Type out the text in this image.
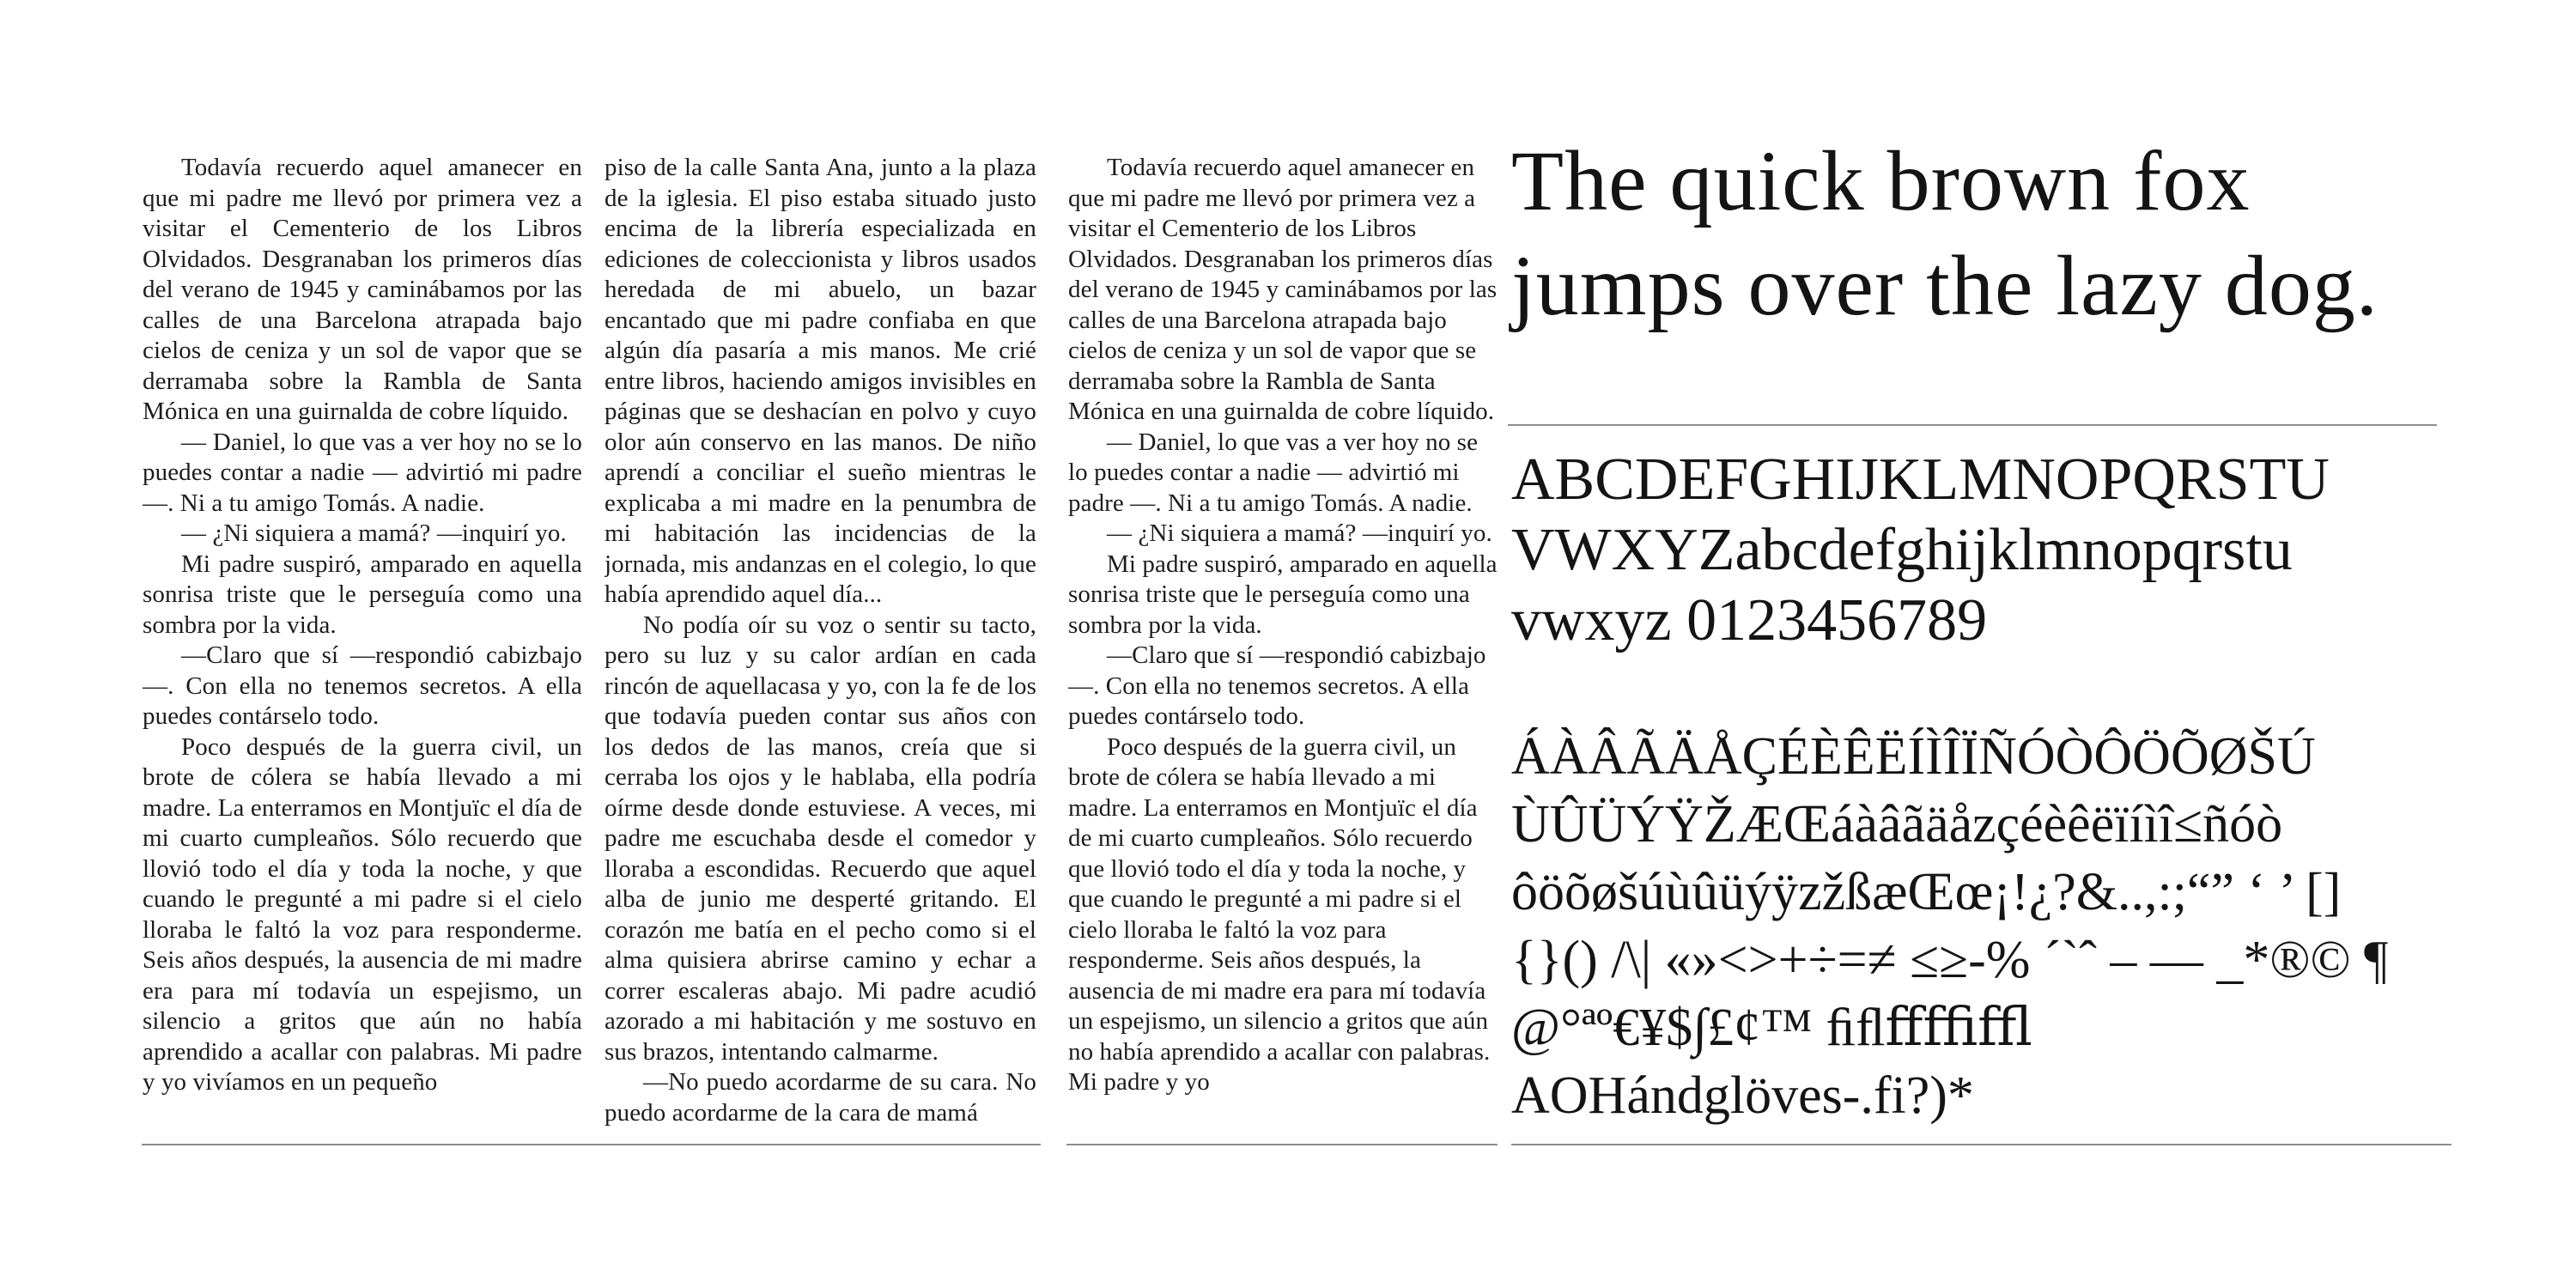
Todavía recuerdo aquel amanecer en que mi padre me llevó por primera vez a visitar el Cementerio de los Libros Olvidados. Desgranaban los primeros días del verano de 1945 y caminábamos por las calles de una Barcelona atrapada bajo cielos de ceniza y un sol de vapor que se derramaba sobre la Rambla de Santa Mónica en una guirnalda de cobre líquido.

— Daniel, lo que vas a ver hoy no se lo puedes contar a nadie — advirtió mi padre —. Ni a tu amigo Tomás. A nadie.

— ¿Ni siquiera a mamá? —inquirí yo.

Mi padre suspiró, amparado en aquella sonrisa triste que le perseguía como una sombra por la vida.

—Claro que sí —respondió cabizbajo—. Con ella no tenemos secretos. A ella puedes contárselo todo.

Poco después de la guerra civil, un brote de cólera se había llevado a mi madre. La enterramos en Montjuïc el día de mi cuarto cumpleaños. Sólo recuerdo que llovió todo el día y toda la noche, y que cuando le pregunté a mi padre si el cielo lloraba le faltó la voz para responderme. Seis años después, la ausencia de mi madre era para mí todavía un espejismo, un silencio a gritos que aún no había aprendido a acallar con palabras. Mi padre y yo vivíamos en un pequeño

piso de la calle Santa Ana, junto a la plaza de la iglesia. El piso estaba situado justo encima de la librería especializada en ediciones de coleccionista y libros usados heredada de mi abuelo, un bazar encantado que mi padre confiaba en que algún día pasaría a mis manos. Me crié entre libros, haciendo amigos invisibles en páginas que se deshacían en polvo y cuyo olor aún conservo en las manos. De niño aprendí a conciliar el sueño mientras le explicaba a mi madre en la penumbra de mi habitación las incidencias de la jornada, mis andanzas en el colegio, lo que había aprendido aquel día...

No podía oír su voz o sentir su tacto, pero su luz y su calor ardían en cada rincón de aquellacasa y yo, con la fe de los que todavía pueden contar sus años con los dedos de las manos, creía que si cerraba los ojos y le hablaba, ella podría oírme desde donde estuviese. A veces, mi padre me escuchaba desde el comedor y lloraba a escondidas. Recuerdo que aquel alba de junio me desperté gritando. El corazón me batía en el pecho como si el alma quisiera abrirse camino y echar a correr escaleras abajo. Mi padre acudió azorado a mi habitación y me sostuvo en sus brazos, intentando calmarme.

—No puedo acordarme de su cara. No puedo acordarme de la cara de mamá

Todavía recuerdo aquel amanecer en que mi padre me llevó por primera vez a visitar el Cementerio de los Libros Olvidados. Desgranaban los primeros días del verano de 1945 y caminábamos por las calles de una Barcelona atrapada bajo cielos de ceniza y un sol de vapor que se derramaba sobre la Rambla de Santa Mónica en una guirnalda de cobre líquido.

— Daniel, lo que vas a ver hoy no se lo puedes contar a nadie — advirtió mi padre —. Ni a tu amigo Tomás. A nadie.

— ¿Ni siquiera a mamá? —inquirí yo.

Mi padre suspiró, amparado en aquella sonrisa triste que le perseguía como una sombra por la vida.

—Claro que sí —respondió cabizbajo—. Con ella no tenemos secretos. A ella puedes contárselo todo.

Poco después de la guerra civil, un brote de cólera se había llevado a mi madre. La enterramos en Montjuïc el día de mi cuarto cumpleaños. Sólo recuerdo que llovió todo el día y toda la noche, y que cuando le pregunté a mi padre si el cielo lloraba le faltó la voz para responderme. Seis años después, la ausencia de mi madre era para mí todavía un espejismo, un silencio a gritos que aún no había aprendido a acallar con palabras. Mi padre y yo

The quick brown fox
jumps over the lazy dog.
ABCDEFGHIJKLMNOPQRSTU
VWXYZabcdefghijklmnopqrstu
vwxyz 0123456789
ÁÀÂÃÄÅÇÉÈÊËÍÌÎÏÑÓÒÔÖÕØŠÚ
ÙÛÜÝŸŽÆŒáàâãäåzçéèêëïíìî≤ñóò
ôöõøšúùûüýÿzžßæŒœ¡!¿?&..,:;“” ‘ ’ []
{}() /\| «»<>+÷=≠ ≤≥-% ´`ˆ – — _*®© ¶
@°ªº€¥$∫£¢™ ﬁﬂﬀﬃﬄ
AOHándglöves-.fi?)*
